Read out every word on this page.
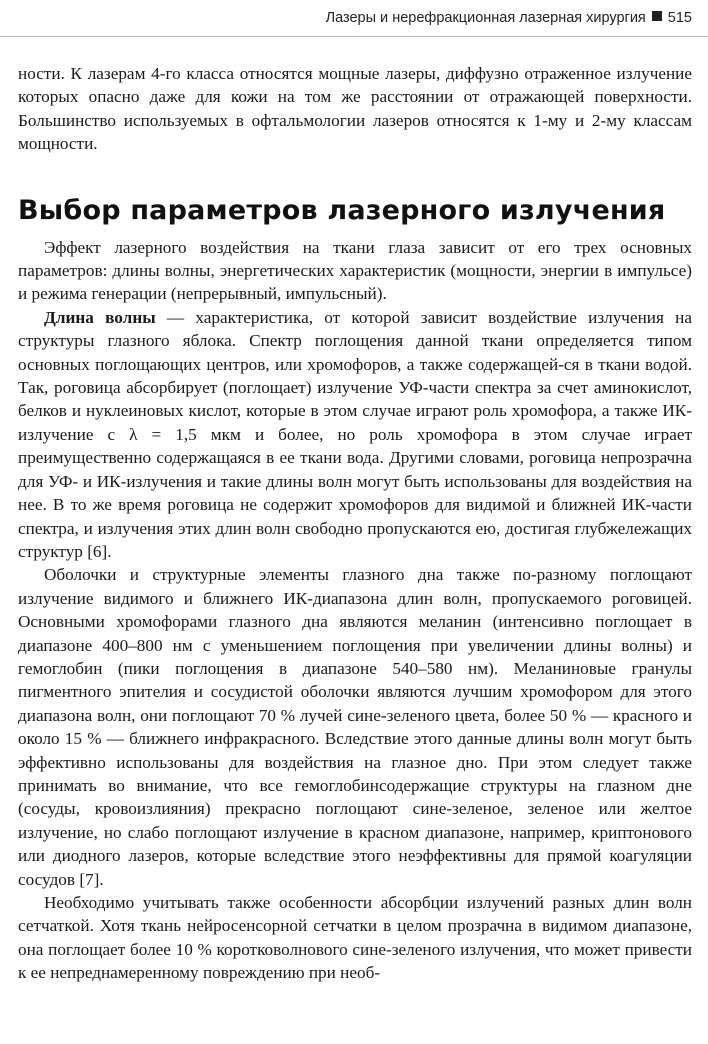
Лазеры и нерефракционная лазерная хирургия 515

ности. К лазерам 4-го класса относятся мощные лазеры, диффузно отраженное излучение которых опасно даже для кожи на том же расстоянии от отражающей поверхности. Большинство используемых в офтальмологии лазеров относятся к 1-му и 2-му классам мощности.

Выбор параметров лазерного излучения

Эффект лазерного воздействия на ткани глаза зависит от его трех основных параметров: длины волны, энергетических характеристик (мощности, энергии в импульсе) и режима генерации (непрерывный, импульсный).

Длина волны — характеристика, от которой зависит воздействие излучения на структуры глазного яблока. Спектр поглощения данной ткани определяется типом основных поглощающих центров, или хромофоров, а также содержащей-ся в ткани водой. Так, роговица абсорбирует (поглощает) излучение УФ-части спектра за счет аминокислот, белков и нуклеиновых кислот, которые в этом случае играют роль хромофора, а также ИК-излучение с λ = 1,5 мкм и более, но роль хромофора в этом случае играет преимущественно содержащаяся в ее ткани вода. Другими словами, роговица непрозрачна для УФ- и ИК-излучения и такие длины волн могут быть использованы для воздействия на нее. В то же время роговица не содержит хромофоров для видимой и ближней ИК-части спектра, и излучения этих длин волн свободно пропускаются ею, достигая глубжележащих структур [6].

Оболочки и структурные элементы глазного дна также по-разному поглощают излучение видимого и ближнего ИК-диапазона длин волн, пропускаемого роговицей. Основными хромофорами глазного дна являются меланин (интенсивно поглощает в диапазоне 400–800 нм с уменьшением поглощения при увеличении длины волны) и гемоглобин (пики поглощения в диапазоне 540–580 нм). Меланиновые гранулы пигментного эпителия и сосудистой оболочки являются лучшим хромофором для этого диапазона волн, они поглощают 70 % лучей сине-зеленого цвета, более 50 % — красного и около 15 % — ближнего инфракрасного. Вследствие этого данные длины волн могут быть эффективно использованы для воздействия на глазное дно. При этом следует также принимать во внимание, что все гемоглобинсодержащие структуры на глазном дне (сосуды, кровоизлияния) прекрасно поглощают сине-зеленое, зеленое или желтое излучение, но слабо поглощают излучение в красном диапазоне, например, криптонового или диодного лазеров, которые вследствие этого неэффективны для прямой коагуляции сосудов [7].

Необходимо учитывать также особенности абсорбции излучений разных длин волн сетчаткой. Хотя ткань нейросенсорной сетчатки в целом прозрачна в видимом диапазоне, она поглощает более 10 % коротковолнового сине-зеленого излучения, что может привести к ее непреднамеренному повреждению при необ-
